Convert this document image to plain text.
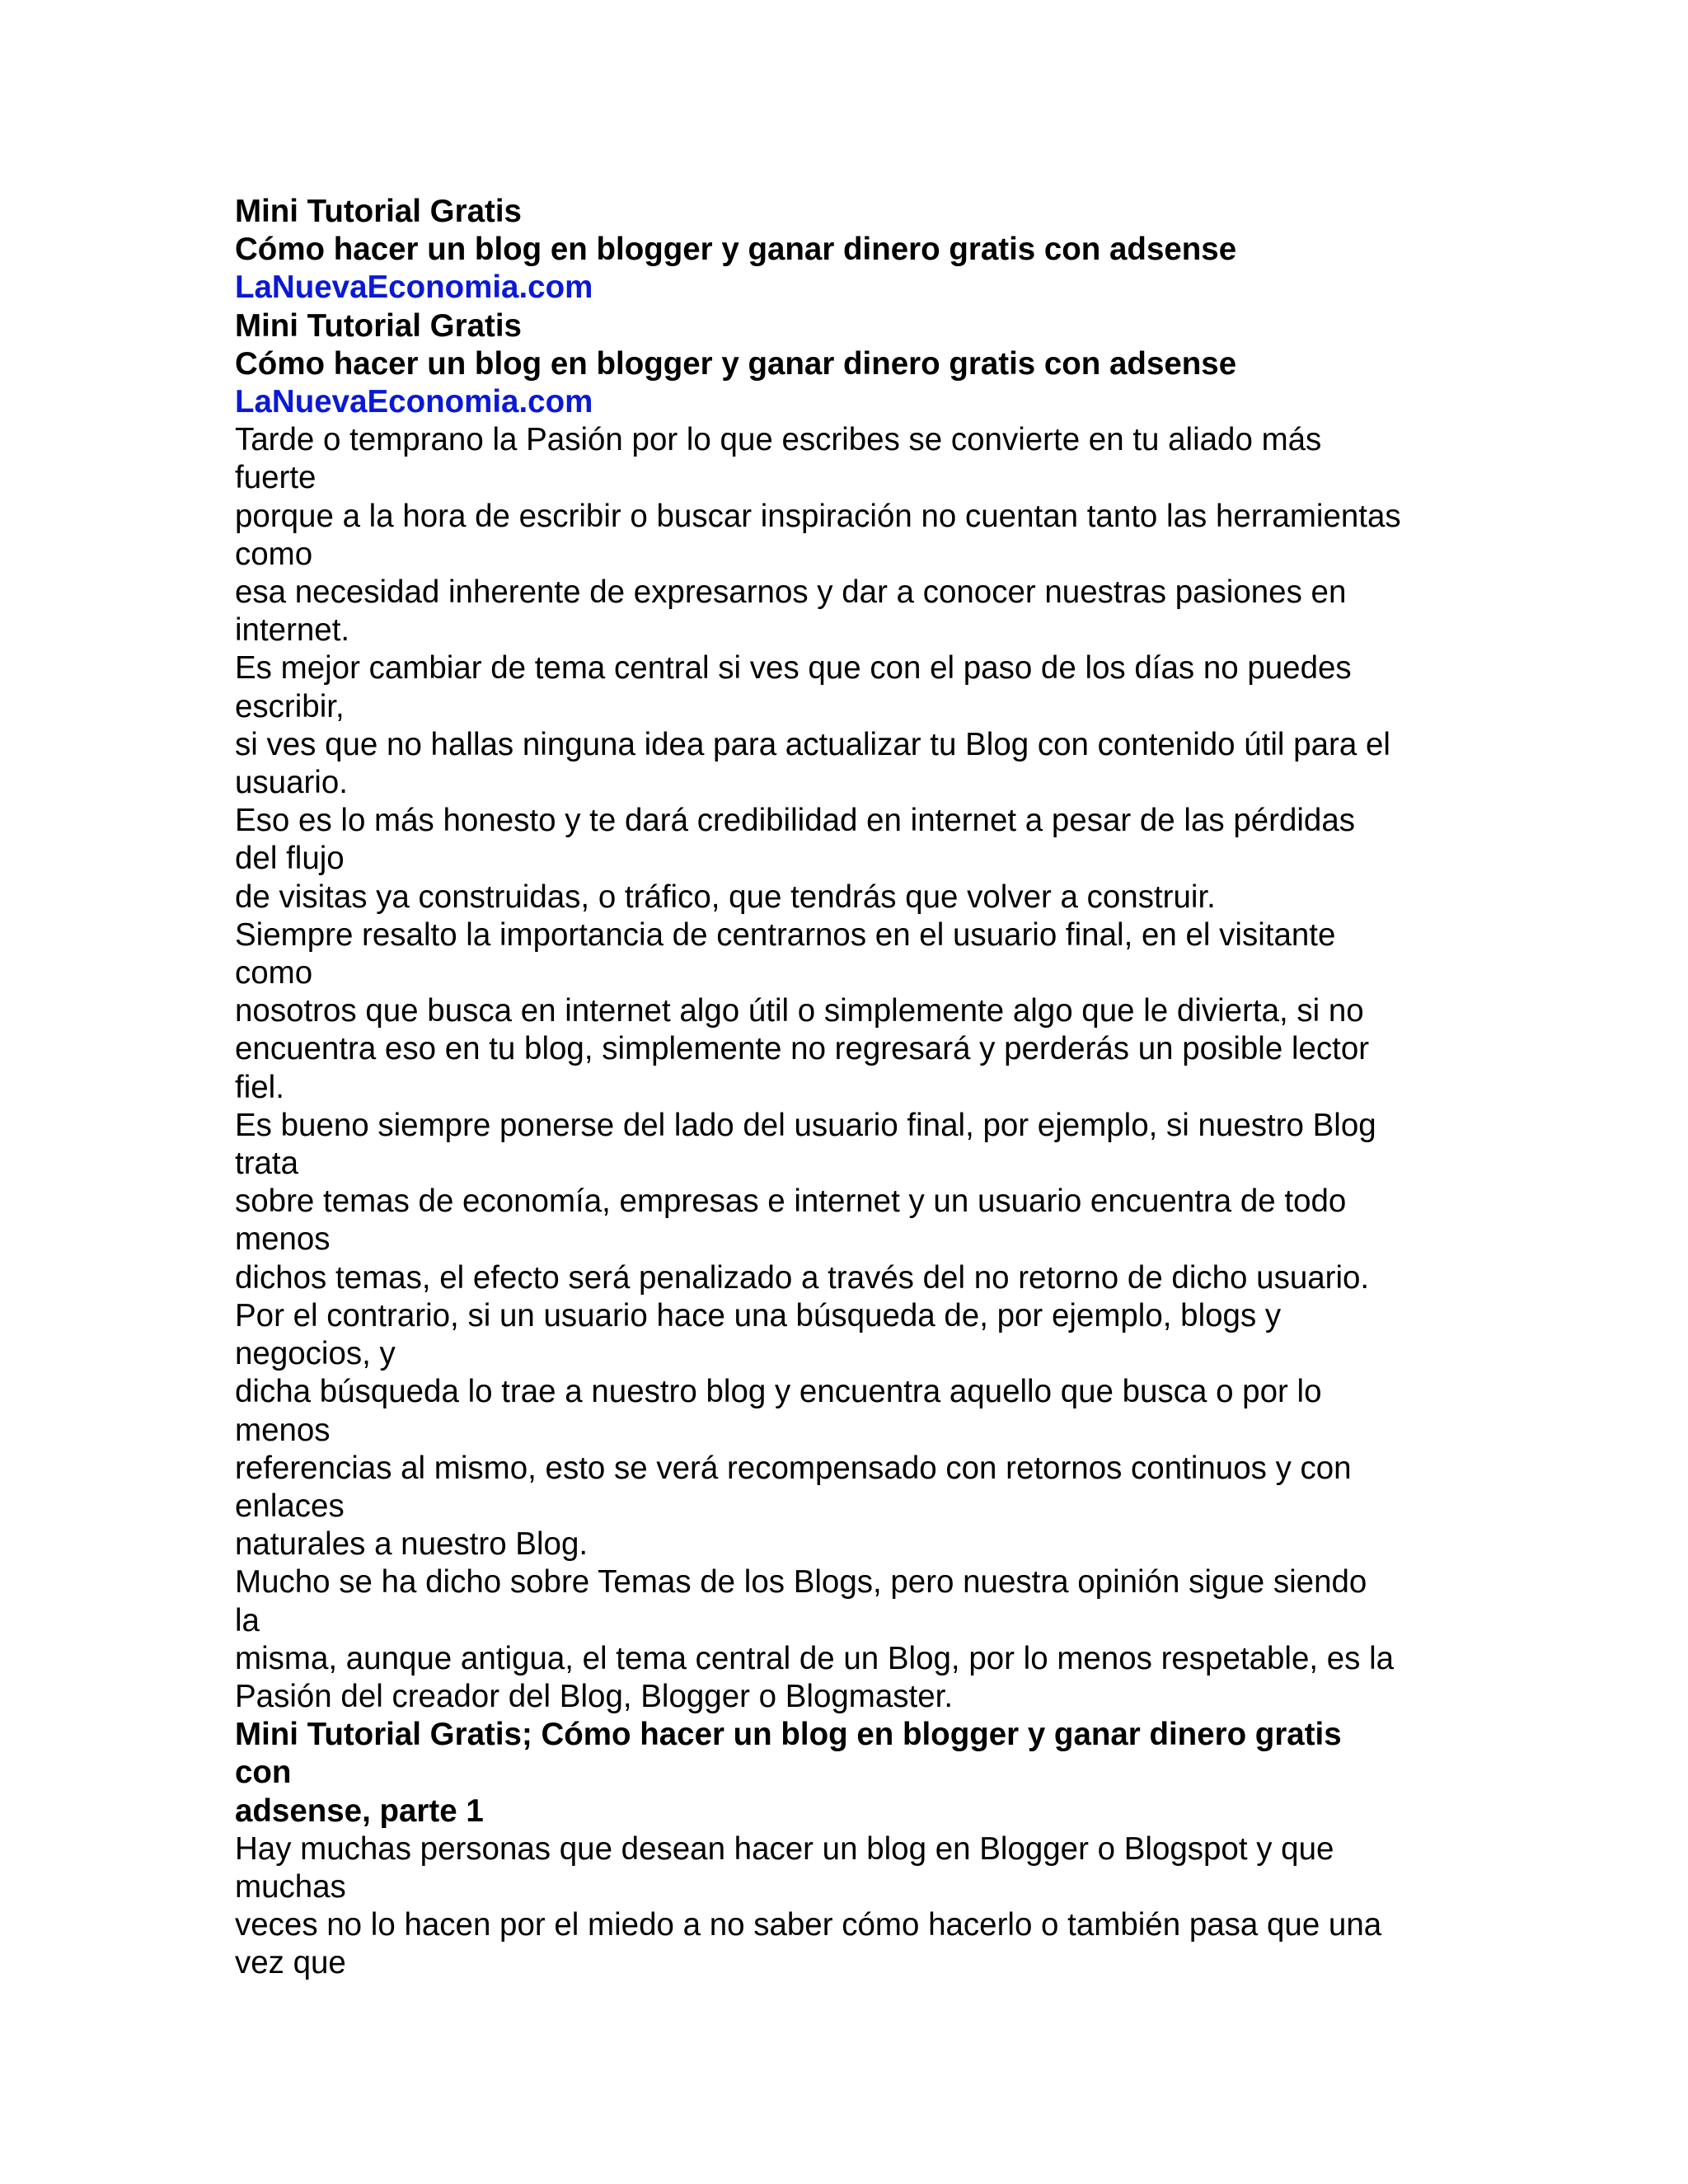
Mini Tutorial Gratis
Cómo hacer un blog en blogger y ganar dinero gratis con adsense
LaNuevaEconomia.com
Mini Tutorial Gratis
Cómo hacer un blog en blogger y ganar dinero gratis con adsense
LaNuevaEconomia.com
Tarde o temprano la Pasión por lo que escribes se convierte en tu aliado más
fuerte
porque a la hora de escribir o buscar inspiración no cuentan tanto las herramientas
como
esa necesidad inherente de expresarnos y dar a conocer nuestras pasiones en
internet.
Es mejor cambiar de tema central si ves que con el paso de los días no puedes
escribir,
si ves que no hallas ninguna idea para actualizar tu Blog con contenido útil para el
usuario.
Eso es lo más honesto y te dará credibilidad en internet a pesar de las pérdidas
del flujo
de visitas ya construidas, o tráfico, que tendrás que volver a construir.
Siempre resalto la importancia de centrarnos en el usuario final, en el visitante
como
nosotros que busca en internet algo útil o simplemente algo que le divierta, si no
encuentra eso en tu blog, simplemente no regresará y perderás un posible lector
fiel.
Es bueno siempre ponerse del lado del usuario final, por ejemplo, si nuestro Blog
trata
sobre temas de economía, empresas e internet y un usuario encuentra de todo
menos
dichos temas, el efecto será penalizado a través del no retorno de dicho usuario.
Por el contrario, si un usuario hace una búsqueda de, por ejemplo, blogs y
negocios, y
dicha búsqueda lo trae a nuestro blog y encuentra aquello que busca o por lo
menos
referencias al mismo, esto se verá recompensado con retornos continuos y con
enlaces
naturales a nuestro Blog.
Mucho se ha dicho sobre Temas de los Blogs, pero nuestra opinión sigue siendo
la
misma, aunque antigua, el tema central de un Blog, por lo menos respetable, es la
Pasión del creador del Blog, Blogger o Blogmaster.
Mini Tutorial Gratis; Cómo hacer un blog en blogger y ganar dinero gratis
con
adsense, parte 1
Hay muchas personas que desean hacer un blog en Blogger o Blogspot y que
muchas
veces no lo hacen por el miedo a no saber cómo hacerlo o también pasa que una
vez que
